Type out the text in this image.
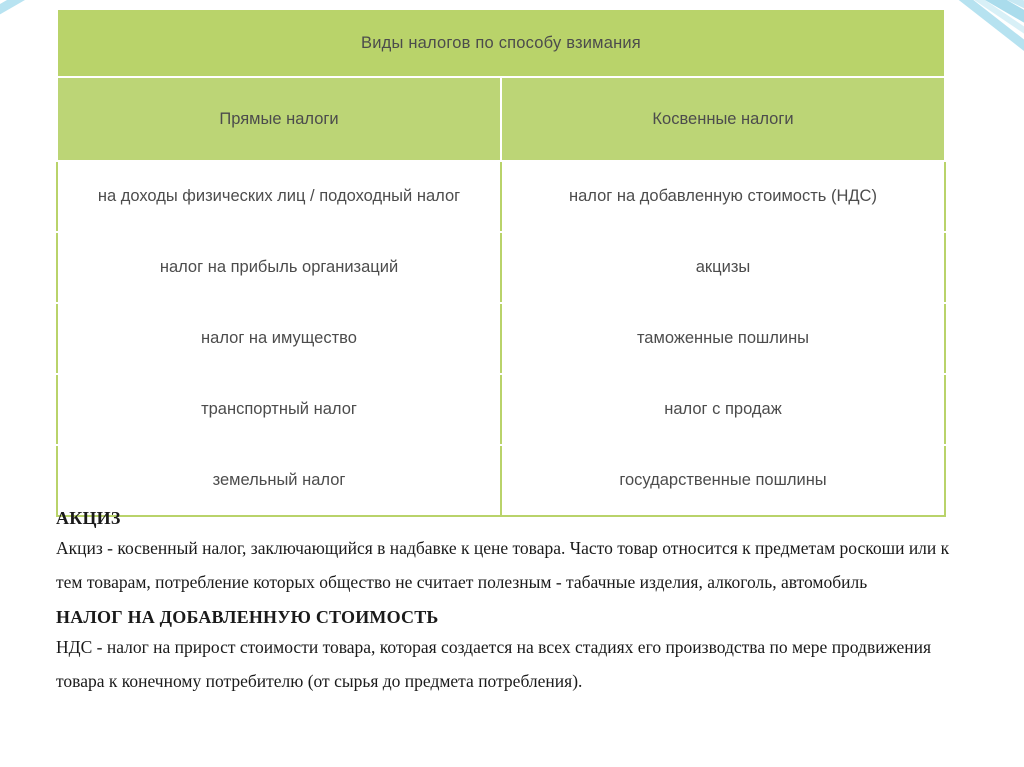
Виды налогов по способу взимания	
Прямые налоги	Косвенные налоги
на доходы физических лиц / подоходный налог	налог на добавленную стоимость (НДС)
налог на прибыль организаций	акцизы
налог на имущество	таможенные пошлины
транспортный налог	налог с продаж
земельный налог	государственные пошлины
АКЦИЗ

Акциз - косвенный налог, заключающийся в надбавке к цене товара. Часто товар относится к предметам роскоши или к тем товарам, потребление которых общество не считает полезным - табачные изделия, алкоголь, автомобиль

НАЛОГ НА ДОБАВЛЕННУЮ СТОИМОСТЬ

НДС - налог на прирост стоимости товара, которая создается на всех стадиях его производства по мере продвижения товара к конечному потребителю (от сырья до предмета потребления).
